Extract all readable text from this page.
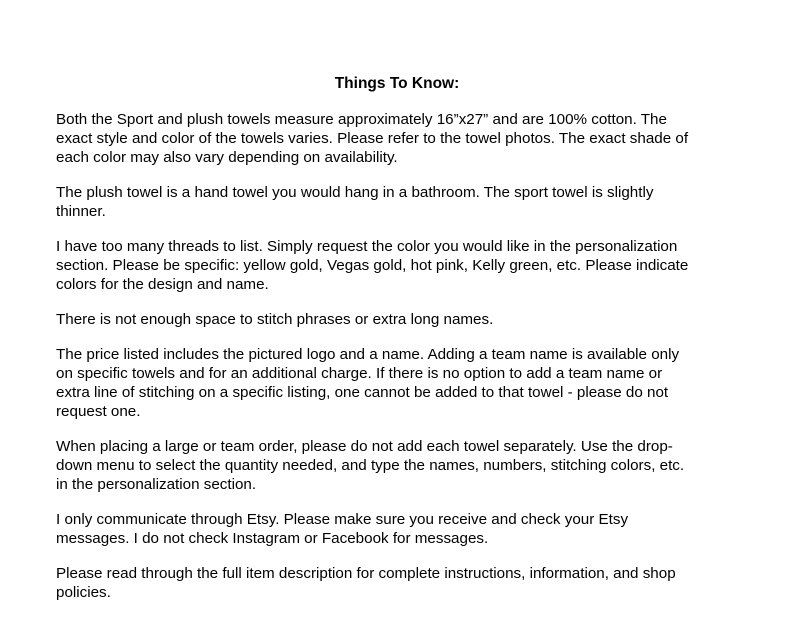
Things To Know:

Both the Sport and plush towels measure approximately 16”x27” and are 100% cotton. The
exact style and color of the towels varies. Please refer to the towel photos. The exact shade of
each color may also vary depending on availability.

The plush towel is a hand towel you would hang in a bathroom. The sport towel is slightly
thinner.

I have too many threads to list. Simply request the color you would like in the personalization
section. Please be specific: yellow gold, Vegas gold, hot pink, Kelly green, etc. Please indicate
colors for the design and name.

There is not enough space to stitch phrases or extra long names.

The price listed includes the pictured logo and a name. Adding a team name is available only
on specific towels and for an additional charge. If there is no option to add a team name or
extra line of stitching on a specific listing, one cannot be added to that towel - please do not
request one.

When placing a large or team order, please do not add each towel separately. Use the drop-
down menu to select the quantity needed, and type the names, numbers, stitching colors, etc.
in the personalization section.

I only communicate through Etsy. Please make sure you receive and check your Etsy
messages. I do not check Instagram or Facebook for messages.

Please read through the full item description for complete instructions, information, and shop
policies.
